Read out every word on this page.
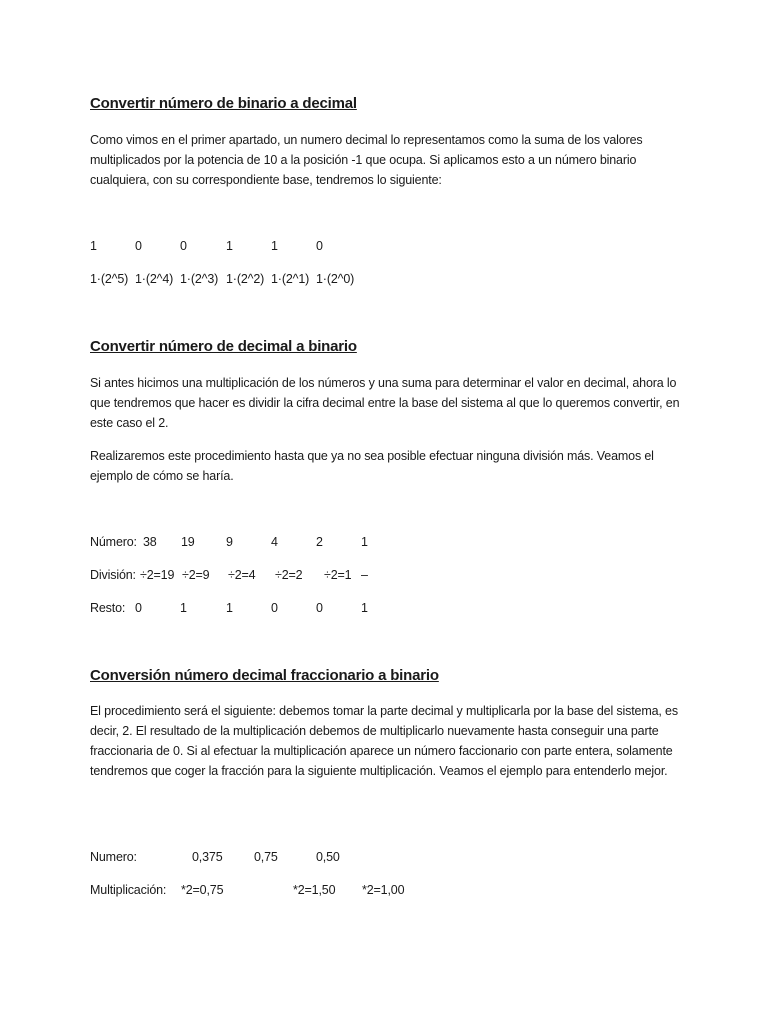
Convertir número de binario a decimal

Como vimos en el primer apartado, un numero decimal lo representamos como la suma de los valores multiplicados por la potencia de 10 a la posición -1 que ocupa. Si aplicamos esto a un número binario cualquiera, con su correspondiente base, tendremos lo siguiente:

1	0	0	1	1	0
1·(2^5) 1·(2^4) 1·(2^3) 1·(2^2) 1·(2^1) 1·(2^0)
Convertir número de decimal a binario

Si antes hicimos una multiplicación de los números y una suma para determinar el valor en decimal, ahora lo que tendremos que hacer es dividir la cifra decimal entre la base del sistema al que lo queremos convertir, en este caso el 2.

Realizaremos este procedimiento hasta que ya no sea posible efectuar ninguna división más. Veamos el ejemplo de cómo se haría.

Número: 38 19	9	4	2	1
División: ÷2=19 ÷2=9 ÷2=4 ÷2=2 ÷2=1 –
Resto: 0	1	1	0	0	1
Conversión número decimal fraccionario a binario

El procedimiento será el siguiente: debemos tomar la parte decimal y multiplicarla por la base del sistema, es decir, 2. El resultado de la multiplicación debemos de multiplicarlo nuevamente hasta conseguir una parte fraccionaria de 0. Si al efectuar la multiplicación aparece un número faccionario con parte entera, solamente tendremos que coger la fracción para la siguiente multiplicación. Veamos el ejemplo para entenderlo mejor.

Numero:	0,375	0,75	0,50
Multiplicación: *2=0,75	*2=1,50 *2=1,00
